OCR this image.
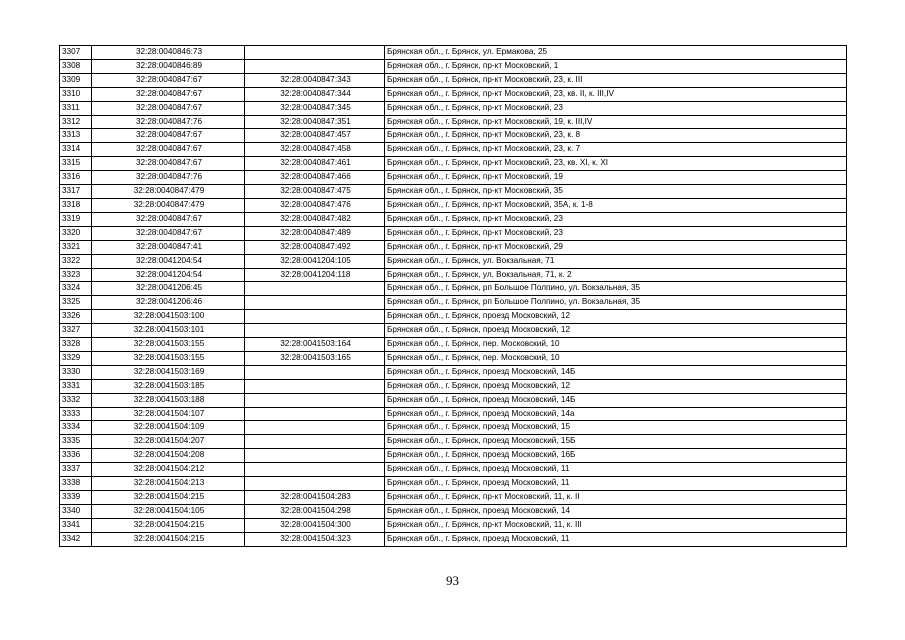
3307	32:28:0040846:73		Брянская обл., г. Брянск, ул. Ермакова, 25
3308	32:28:0040846:89		Брянская обл., г. Брянск, пр-кт Московский, 1
3309	32:28:0040847:67	32:28:0040847:343	Брянская обл., г. Брянск, пр-кт Московский, 23, к. III
3310	32:28:0040847:67	32:28:0040847:344	Брянская обл., г. Брянск, пр-кт Московский, 23, кв. II, к. III,IV
3311	32:28:0040847:67	32:28:0040847:345	Брянская обл., г. Брянск, пр-кт Московский, 23
3312	32:28:0040847:76	32:28:0040847:351	Брянская обл., г. Брянск, пр-кт Московский, 19, к. III,IV
3313	32:28:0040847:67	32:28:0040847:457	Брянская обл., г. Брянск, пр-кт Московский, 23, к. 8
3314	32:28:0040847:67	32:28:0040847:458	Брянская обл., г. Брянск, пр-кт Московский, 23, к. 7
3315	32:28:0040847:67	32:28:0040847:461	Брянская обл., г. Брянск, пр-кт Московский, 23, кв. XI, к. XI
3316	32:28:0040847:76	32:28:0040847:466	Брянская обл., г. Брянск, пр-кт Московский, 19
3317	32:28:0040847:479	32:28:0040847:475	Брянская обл., г. Брянск, пр-кт Московский, 35
3318	32:28:0040847:479	32:28:0040847:476	Брянская обл., г. Брянск, пр-кт Московский, 35А, к. 1-8
3319	32:28:0040847:67	32:28:0040847:482	Брянская обл., г. Брянск, пр-кт Московский, 23
3320	32:28:0040847:67	32:28:0040847:489	Брянская обл., г. Брянск, пр-кт Московский, 23
3321	32:28:0040847:41	32:28:0040847:492	Брянская обл., г. Брянск, пр-кт Московский, 29
3322	32:28:0041204:54	32:28:0041204:105	Брянская обл., г. Брянск, ул. Вокзальная, 71
3323	32:28:0041204:54	32:28:0041204:118	Брянская обл., г. Брянск, ул. Вокзальная, 71, к. 2
3324	32:28:0041206:45		Брянская обл., г. Брянск, рп Большое Полпино, ул. Вокзальная, 35
3325	32:28:0041206:46		Брянская обл., г. Брянск, рп Большое Полпино, ул. Вокзальная, 35
3326	32:28:0041503:100		Брянская обл., г. Брянск, проезд Московский, 12
3327	32:28:0041503:101		Брянская обл., г. Брянск, проезд Московский, 12
3328	32:28:0041503:155	32:28:0041503:164	Брянская обл., г. Брянск, пер. Московский, 10
3329	32:28:0041503:155	32:28:0041503:165	Брянская обл., г. Брянск, пер. Московский, 10
3330	32:28:0041503:169		Брянская обл., г. Брянск, проезд Московский, 14Б
3331	32:28:0041503:185		Брянская обл., г. Брянск, проезд Московский, 12
3332	32:28:0041503:188		Брянская обл., г. Брянск, проезд Московский, 14Б
3333	32:28:0041504:107		Брянская обл., г. Брянск, проезд Московский, 14а
3334	32:28:0041504:109		Брянская обл., г. Брянск, проезд Московский, 15
3335	32:28:0041504:207		Брянская обл., г. Брянск, проезд Московский, 15Б
3336	32:28:0041504:208		Брянская обл., г. Брянск, проезд Московский, 16Б
3337	32:28:0041504:212		Брянская обл., г. Брянск, проезд Московский, 11
3338	32:28:0041504:213		Брянская обл., г. Брянск, проезд Московский, 11
3339	32:28:0041504:215	32:28:0041504:283	Брянская обл., г. Брянск, пр-кт Московский, 11, к. II
3340	32:28:0041504:105	32:28:0041504:298	Брянская обл., г. Брянск, проезд Московский, 14
3341	32:28:0041504:215	32:28:0041504:300	Брянская обл., г. Брянск, пр-кт Московский, 11, к. III
3342	32:28:0041504:215	32:28:0041504:323	Брянская обл., г. Брянск, проезд Московский, 11
93
